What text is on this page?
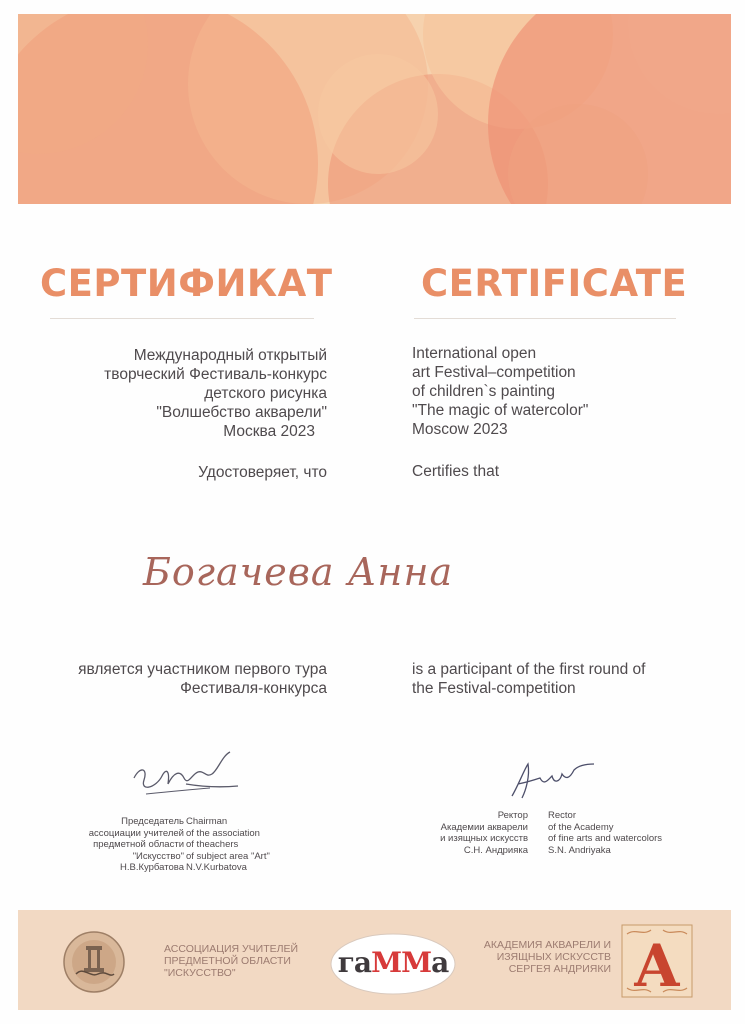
СЕРТИФИКАТ CERTIFICATE
Международный открытый
творческий Фестиваль-конкурс
детского рисунка
"Волшебство акварели"
Москва 2023
International open
art Festival–competition
of children`s painting
"The magic of watercolor"
Moscow 2023
Удостоверяет, что	Certifies that
Богачева Анна
является участником первого тура
Фестиваля-конкурса
is a participant of the first round of
the Festival-competition
Председатель
ассоциации учителей
предметной области
"Искусство"
Н.В.Курбатова
Chairman
of the association
of theachers
of subject area "Art"
N.V.Kurbatova
Ректор
Академии акварели
и изящных искусств
С.Н. Андрияка
Rector
of the Academy
of fine arts and watercolors
S.N. Andriyaka
АССОЦИАЦИЯ УЧИТЕЛЕЙ
ПРЕДМЕТНОЙ ОБЛАСТИ
"ИСКУССТВО"	гаММа
АКАДЕМИЯ АКВАРЕЛИ И
ИЗЯЩНЫХ ИСКУССТВ
СЕРГЕЯ АНДРИЯКИ А
